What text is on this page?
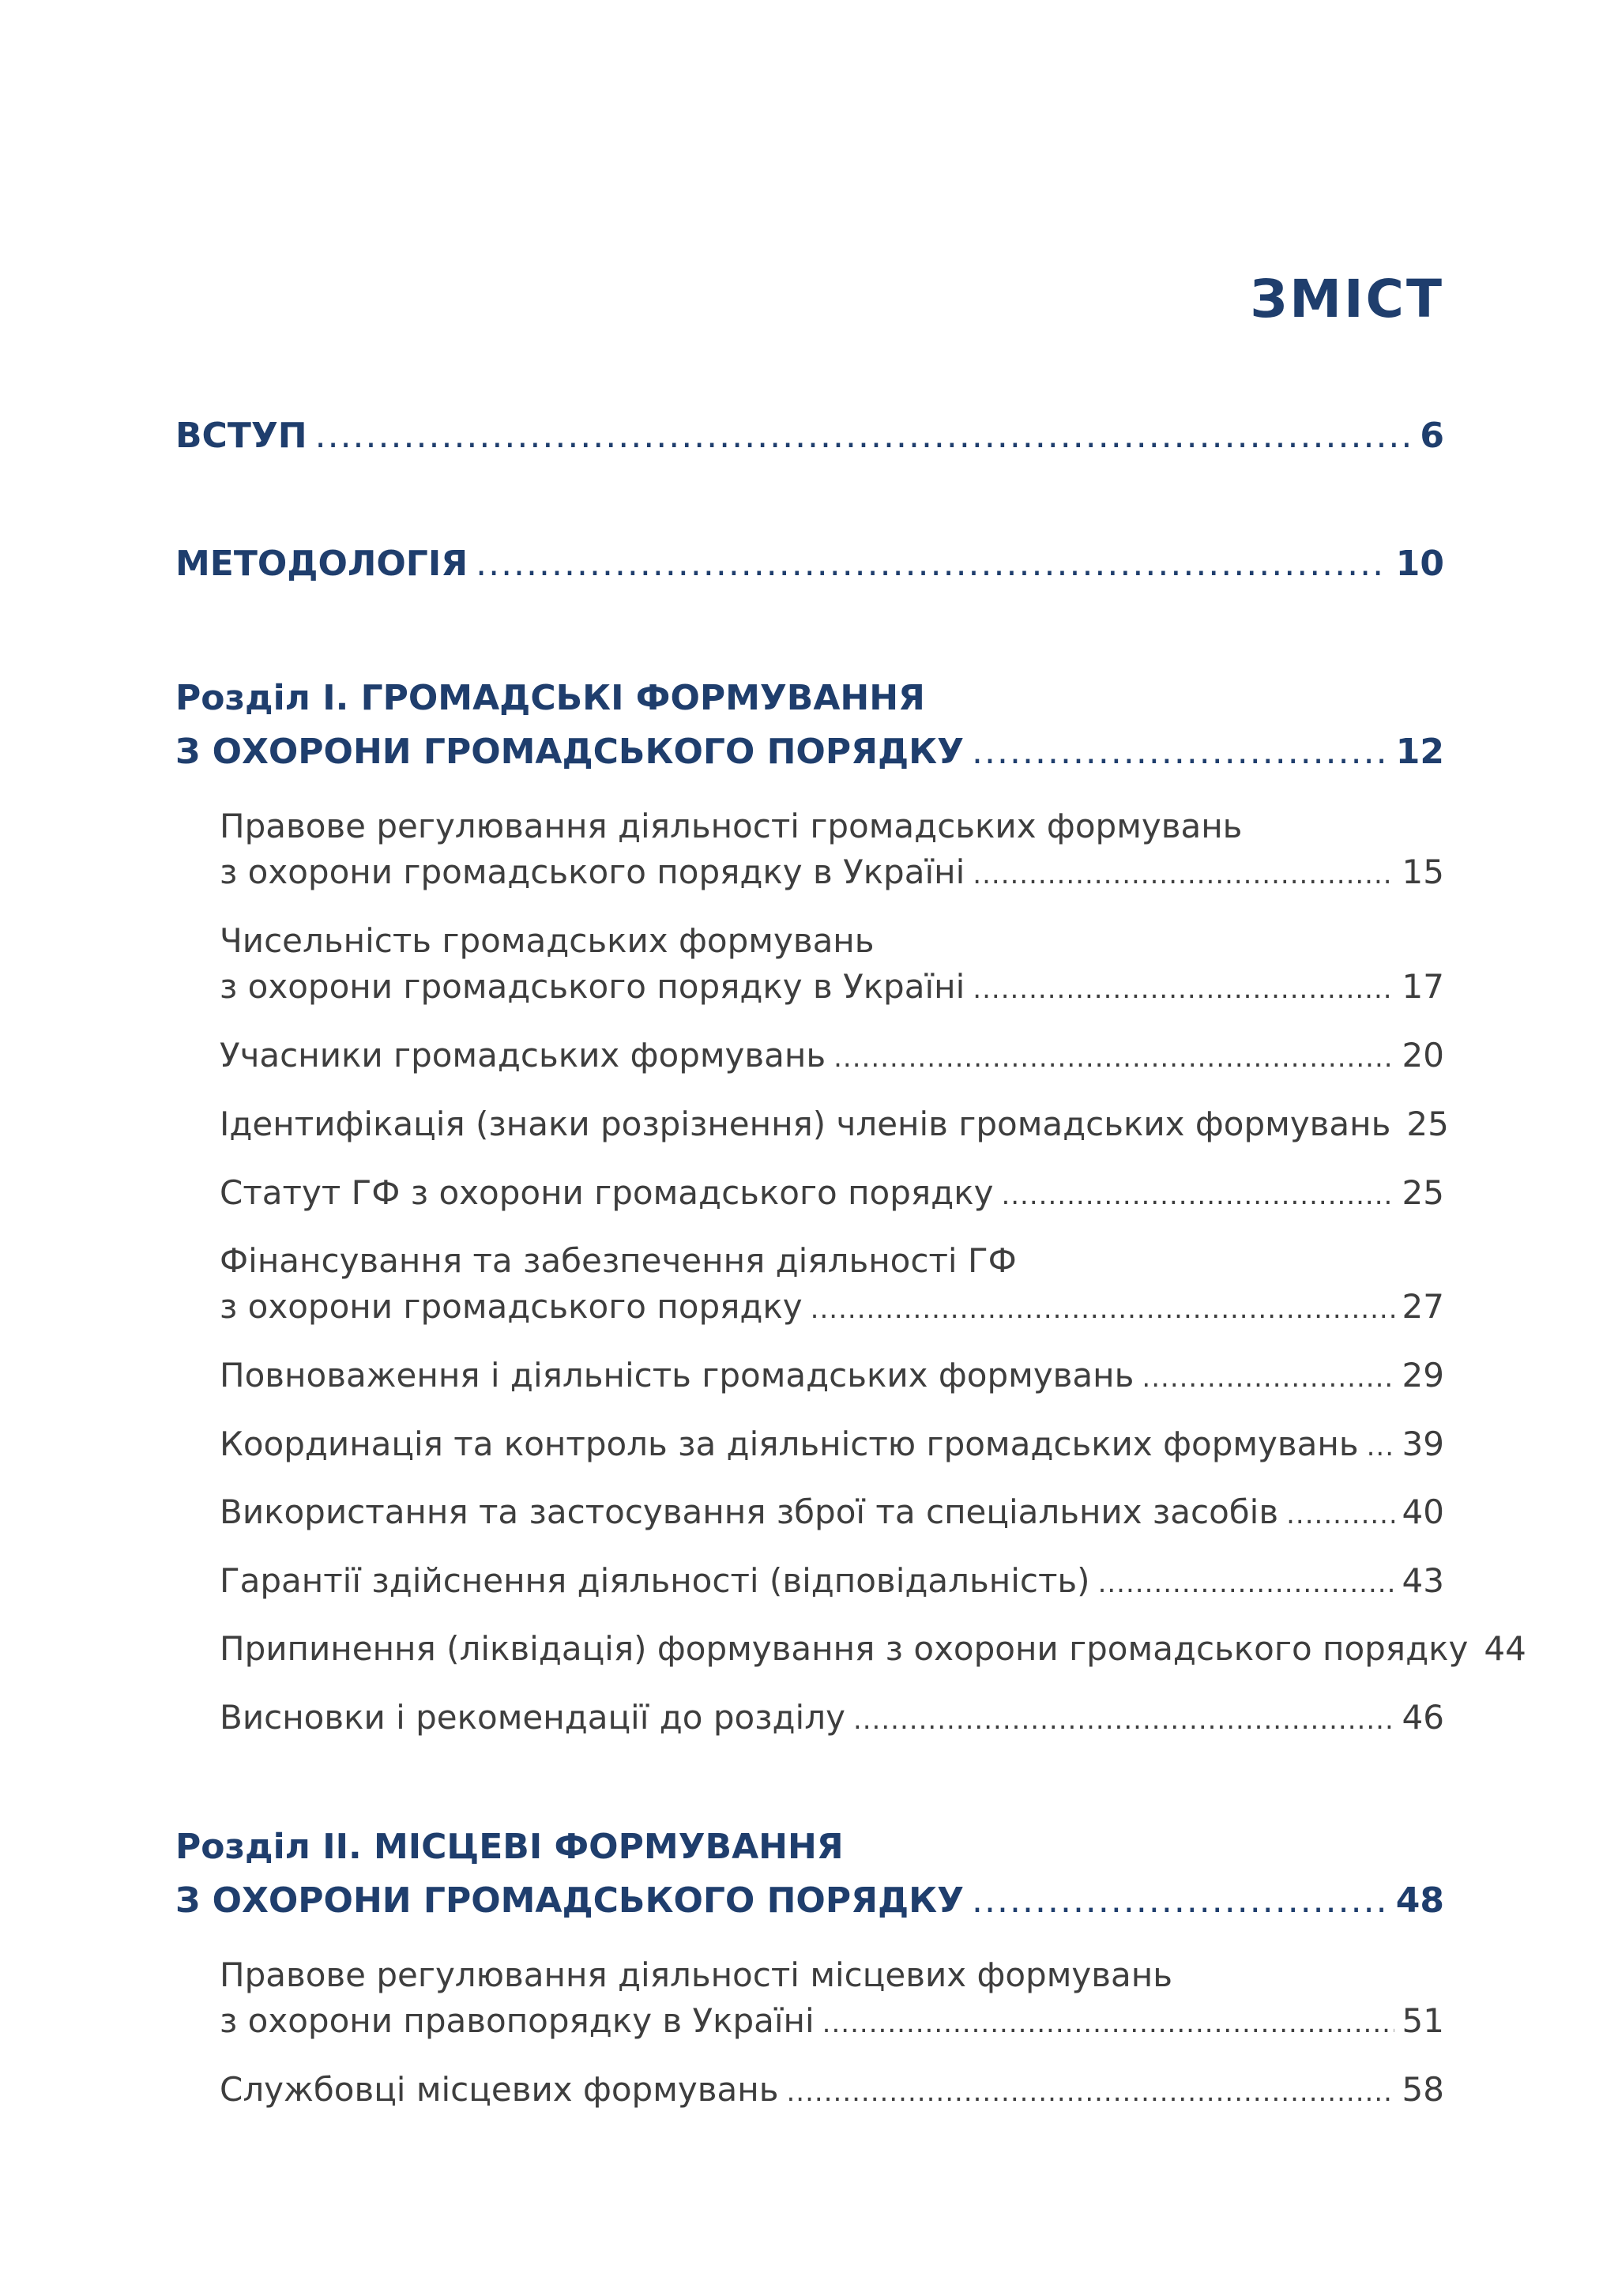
ЗМІСТ
ВСТУП .....	6
МЕТОДОЛОГІЯ .....	10
Розділ І. ГРОМАДСЬКІ ФОРМУВАННЯ
З ОХОРОНИ ГРОМАДСЬКОГО ПОРЯДКУ .....	12
Правове регулювання діяльності громадських формувань
з охорони громадського порядку в Україні .....	15
Чисельність громадських формувань
з охорони громадського порядку в Україні .....	17
Учасники громадських формувань .....	20
Ідентифікація (знаки розрізнення) членів громадських формувань 25
Статут ГФ з охорони громадського порядку .....	25
Фінансування та забезпечення діяльності ГФ
з охорони громадського порядку .....	27
Повноваження і діяльність громадських формувань .....	29
Координація та контроль за діяльністю громадських формувань ..... 39
Використання та застосування зброї та спеціальних засобів .....	40
Гарантії здійснення діяльності (відповідальність) .....	43
Припинення (ліквідація) формування з охорони громадського порядку 44
Висновки і рекомендації до розділу .....	46
Розділ ІІ. МІСЦЕВІ ФОРМУВАННЯ
З ОХОРОНИ ГРОМАДСЬКОГО ПОРЯДКУ .....	48
Правове регулювання діяльності місцевих формувань
з охорони правопорядку в Україні .....	51
Службовці місцевих формувань .....	58
